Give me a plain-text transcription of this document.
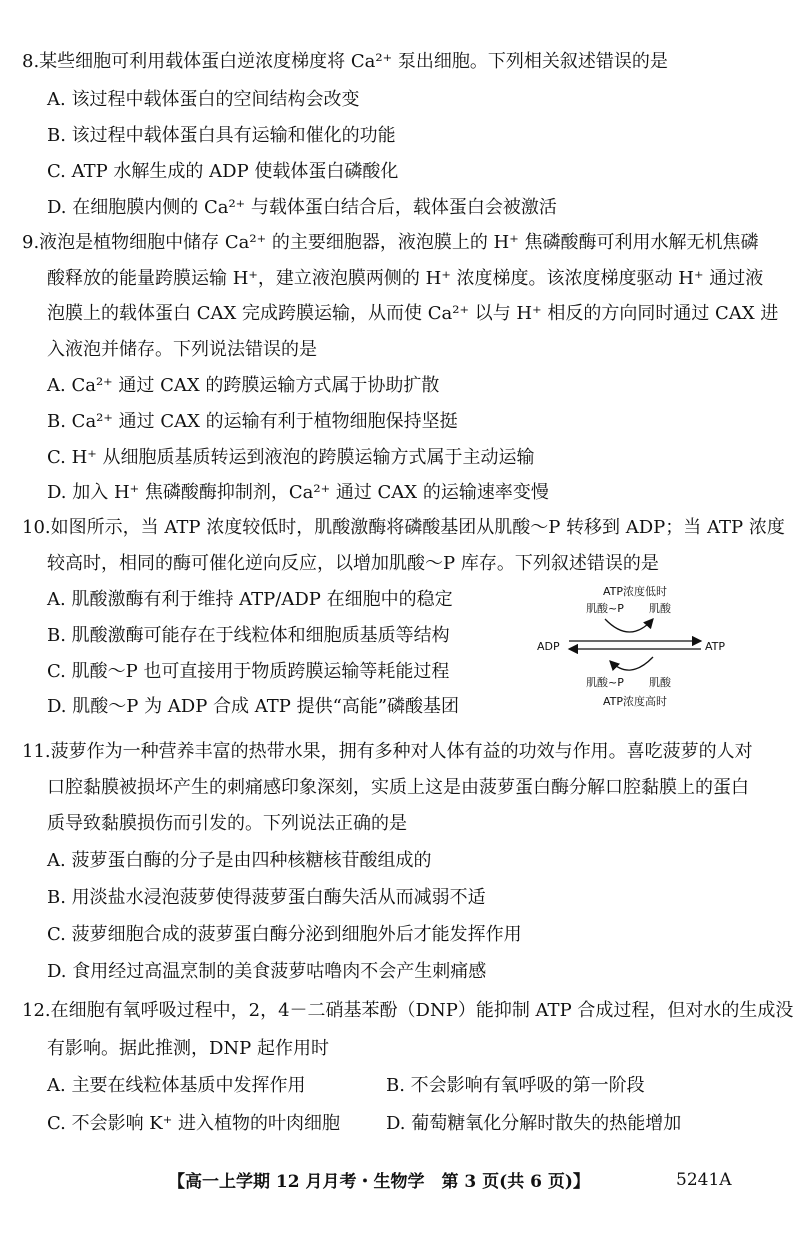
8.某些细胞可利用载体蛋白逆浓度梯度将 Ca²⁺ 泵出细胞。下列相关叙述错误的是
A. 该过程中载体蛋白的空间结构会改变
B. 该过程中载体蛋白具有运输和催化的功能
C. ATP 水解生成的 ADP 使载体蛋白磷酸化
D. 在细胞膜内侧的 Ca²⁺ 与载体蛋白结合后，载体蛋白会被激活
9.液泡是植物细胞中储存 Ca²⁺ 的主要细胞器，液泡膜上的 H⁺ 焦磷酸酶可利用水解无机焦磷
酸释放的能量跨膜运输 H⁺，建立液泡膜两侧的 H⁺ 浓度梯度。该浓度梯度驱动 H⁺ 通过液
泡膜上的载体蛋白 CAX 完成跨膜运输，从而使 Ca²⁺ 以与 H⁺ 相反的方向同时通过 CAX 进
入液泡并储存。下列说法错误的是
A. Ca²⁺ 通过 CAX 的跨膜运输方式属于协助扩散
B. Ca²⁺ 通过 CAX 的运输有利于植物细胞保持坚挺
C. H⁺ 从细胞质基质转运到液泡的跨膜运输方式属于主动运输
D. 加入 H⁺ 焦磷酸酶抑制剂，Ca²⁺ 通过 CAX 的运输速率变慢
10.如图所示，当 ATP 浓度较低时，肌酸激酶将磷酸基团从肌酸～P 转移到 ADP；当 ATP 浓度
较高时，相同的酶可催化逆向反应，以增加肌酸～P 库存。下列叙述错误的是
A. 肌酸激酶有利于维持 ATP/ADP 在细胞中的稳定
B. 肌酸激酶可能存在于线粒体和细胞质基质等结构
C. 肌酸～P 也可直接用于物质跨膜运输等耗能过程
D. 肌酸～P 为 ADP 合成 ATP 提供“高能”磷酸基团
ATP浓度低时
肌酸~P 肌酸
ADP	ATP
肌酸~P 肌酸
ATP浓度高时
11.菠萝作为一种营养丰富的热带水果，拥有多种对人体有益的功效与作用。喜吃菠萝的人对
口腔黏膜被损坏产生的刺痛感印象深刻，实质上这是由菠萝蛋白酶分解口腔黏膜上的蛋白
质导致黏膜损伤而引发的。下列说法正确的是
A. 菠萝蛋白酶的分子是由四种核糖核苷酸组成的
B. 用淡盐水浸泡菠萝使得菠萝蛋白酶失活从而减弱不适
C. 菠萝细胞合成的菠萝蛋白酶分泌到细胞外后才能发挥作用
D. 食用经过高温烹制的美食菠萝咕噜肉不会产生刺痛感
12.在细胞有氧呼吸过程中，2，4－二硝基苯酚（DNP）能抑制 ATP 合成过程，但对水的生成没
有影响。据此推测，DNP 起作用时
A. 主要在线粒体基质中发挥作用	B. 不会影响有氧呼吸的第一阶段
C. 不会影响 K⁺ 进入植物的叶肉细胞	D. 葡萄糖氧化分解时散失的热能增加
【高一上学期 12 月月考・生物学　第 3 页(共 6 页)】	5241A
